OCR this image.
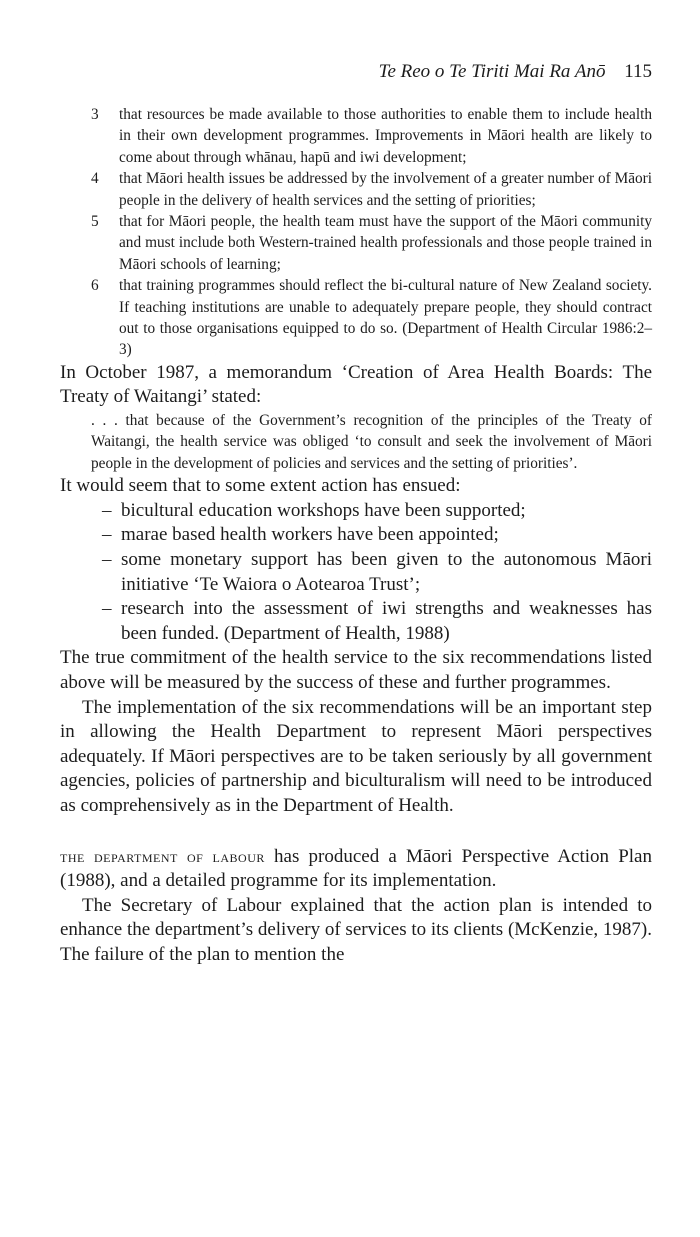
Te Reo o Te Tiriti Mai Ra Anō 115
3 that resources be made available to those authorities to enable them to include health in their own development programmes. Improvements in Māori health are likely to come about through whānau, hapū and iwi development;
4 that Māori health issues be addressed by the involvement of a greater number of Māori people in the delivery of health services and the setting of priorities;
5 that for Māori people, the health team must have the support of the Māori community and must include both Western-trained health professionals and those people trained in Māori schools of learning;
6 that training programmes should reflect the bi-cultural nature of New Zealand society. If teaching institutions are unable to adequately prepare people, they should contract out to those organisations equipped to do so. (Department of Health Circular 1986:2–3)

In October 1987, a memorandum ‘Creation of Area Health Boards: The Treaty of Waitangi’ stated:

. . . that because of the Government’s recognition of the principles of the Treaty of Waitangi, the health service was obliged ‘to consult and seek the involvement of Māori people in the development of policies and services and the setting of priorities’.

It would seem that to some extent action has ensued:

– bicultural education workshops have been supported;
– marae based health workers have been appointed;
– some monetary support has been given to the autonomous Māori initiative ‘Te Waiora o Aotearoa Trust’;
– research into the assessment of iwi strengths and weaknesses has been funded. (Department of Health, 1988)

The true commitment of the health service to the six recommendations listed above will be measured by the success of these and further programmes.

The implementation of the six recommendations will be an important step in allowing the Health Department to represent Māori perspectives adequately. If Māori perspectives are to be taken seriously by all government agencies, policies of partnership and biculturalism will need to be introduced as comprehensively as in the Department of Health.

the department of labour has produced a Māori Perspective Action Plan (1988), and a detailed programme for its implementation.

The Secretary of Labour explained that the action plan is intended to enhance the department’s delivery of services to its clients (McKenzie, 1987). The failure of the plan to mention the
